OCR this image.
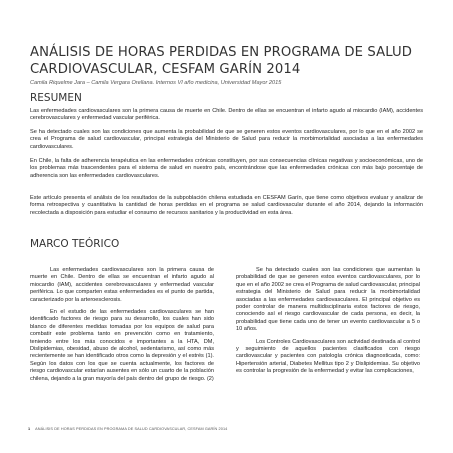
ANÁLISIS DE HORAS PERDIDAS EN PROGRAMA DE SALUD CARDIOVASCULAR, CESFAM GARÍN 2014
Camila Riquelme Jara – Camila Vergara Orellana. Internos VI año medicina, Universidad Mayor 2015
RESUMEN

Las enfermedades cardiovasculares son la primera causa de muerte en Chile. Dentro de ellas se encuentran el infarto agudo al miocardio (IAM), accidentes cerebrovasculares y enfermedad vascular periférica.

Se ha detectado cuales son las condiciones que aumenta la probabilidad de que se generen estos eventos cardiovasculares, por lo que en el año 2002 se crea el Programa de salud cardiovascular, principal estrategia del Ministerio de Salud para reducir la morbimortalidad asociadas a las enfermedades cardiovasculares.

En Chile, la falta de adherencia terapéutica en las enfermedades crónicas constituyen, por sus consecuencias clínicas negativas y socioeconómicas, uno de los problemas más trascendentes para el sistema de salud en nuestro país, encontrándose que las enfermedades crónicas con más bajo porcentaje de adherencia son las enfermedades cardiovasculares.

Este artículo presenta el análisis de los resultados de la subpoblación chilena estudiada en CESFAM Garín, que tiene como objetivos evaluar y analizar de forma retrospectiva y cuantitativa la cantidad de horas perdidas en el programa se salud cardiovascular durante el año 2014, dejando la información recolectada a disposición para estudiar el consumo de recursos sanitarios y la productividad en esta área.

MARCO TEÓRICO

Las enfermedades cardiovasculares son la primera causa de muerte en Chile. Dentro de ellas se encuentran el infarto agudo al miocardio (IAM), accidentes cerebrovasculares y enfermedad vascular periférica. Lo que comparten estas enfermedades es el punto de partida, caracterizado por la arteroesclerosis.

En el estudio de las enfermedades cardiovasculares se han identificado factores de riesgo para su desarrollo, los cuales han sido blanco de diferentes medidas tomadas por los equipos de salud para combatir este problema tanto en prevención como en tratamiento, teniendo entre los más conocidos e importantes a la HTA, DM, Dislipidemias, obesidad, abuso de alcohol, sedentarismo, así como más recientemente se han identificado otros como la depresión y el estrés (1). Según los datos con los que se cuenta actualmente, los factores de riesgo cardiovascular estarían ausentes en sólo un cuarto de la población chilena, dejando a la gran mayoría del país dentro del grupo de riesgo. (2)

Se ha detectado cuales son las condiciones que aumentan la probabilidad de que se generen estos eventos cardiovasculares, por lo que en el año 2002 se crea el Programa de salud cardiovascular, principal estrategia del Ministerio de Salud para reducir la morbimortalidad asociadas a las enfermedades cardiovasculares. El principal objetivo es poder controlar de manera multidisciplinaria estos factores de riesgo, conociendo así el riesgo cardiovascular de cada persona, es decir, la probabilidad que tiene cada uno de tener un evento cardiovascular a 5 o 10 años.

Los Controles Cardiovasculares son actividad destinada al control y seguimiento de aquellos pacientes clasificados con riesgo cardiovascular y pacientes con patología crónica diagnosticada, como: Hipertensión arterial, Diabetes Mellitus tipo 2 y Dislipidemias. Su objetivo es controlar la progresión de la enfermedad y evitar las complicaciones,

1 ANÁLISIS DE HORAS PERDIDAS EN PROGRAMA DE SALUD CARDIOVASCULAR, CESFAM GARÍN 2014
